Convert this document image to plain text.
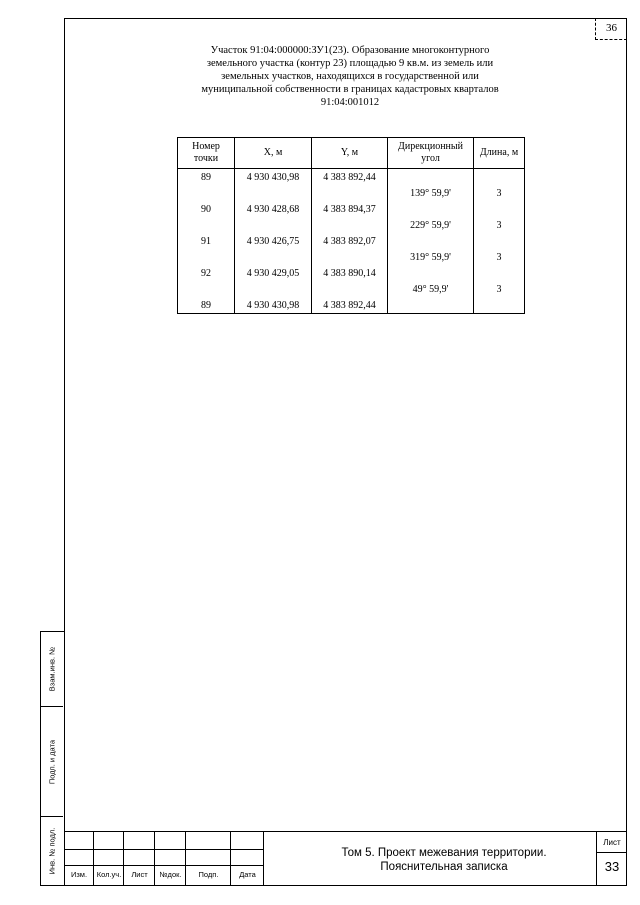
36
Участок 91:04:000000:ЗУ1(23). Образование многоконтурного
земельного участка (контур 23) площадью 9 кв.м. из земель или
земельных участков, находящихся в государственной или
муниципальной собственности в границах кадастровых кварталов
91:04:001012
Номер точки	X, м	Y, м	Дирекционный угол	Длина, м

89	4 930 430,98	4 383 892,44		
			139° 59,9'	3
90	4 930 428,68	4 383 894,37		
			229° 59,9'	3
91	4 930 426,75	4 383 892,07		
			319° 59,9'	3
92	4 930 429,05	4 383 890,14		
			49° 59,9'	3
89	4 930 430,98	4 383 892,44		
Взам.инв. №
Подп. и дата
Инв. № подл.
Изм.	Кол.уч.	Лист	№док.	Подп.	Дата
Том 5. Проект межевания территории.
Пояснительная записка
Лист
33
